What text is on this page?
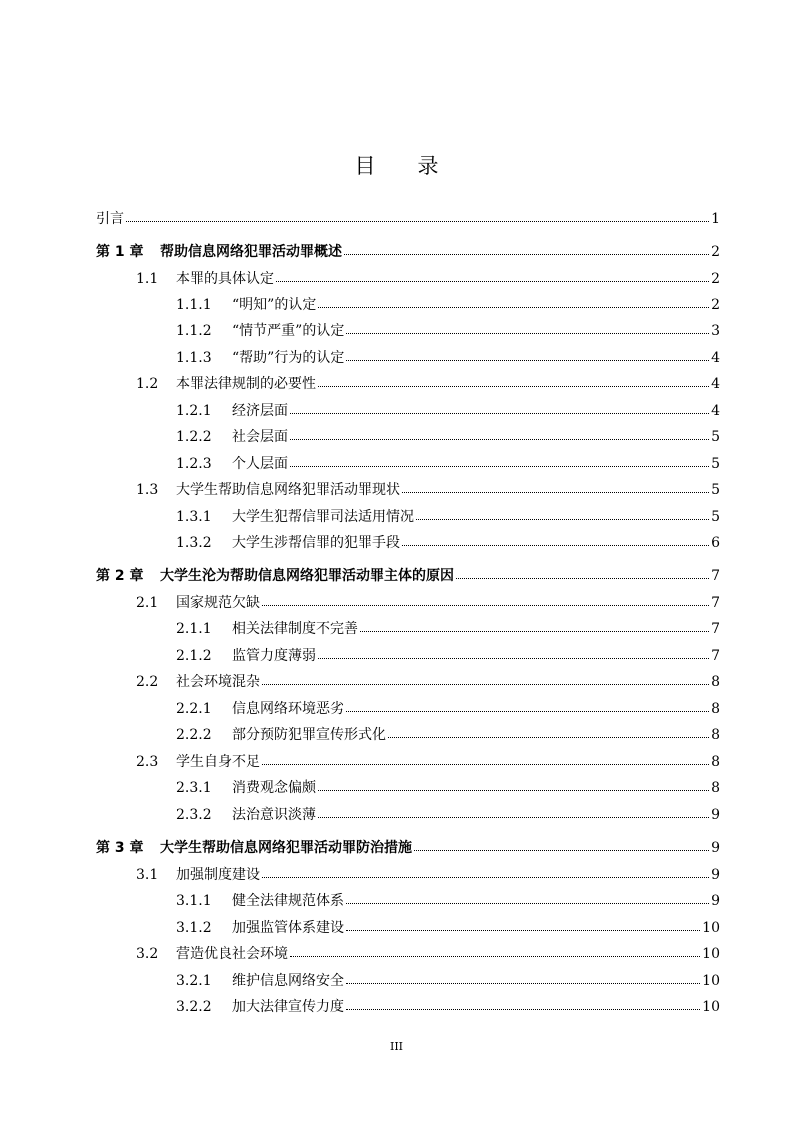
目 录
引言	1
第 1 章	帮助信息网络犯罪活动罪概述	2
1.1	本罪的具体认定	2
1.1.1	“明知”的认定	2
1.1.2	“情节严重”的认定	3
1.1.3	“帮助”行为的认定	4
1.2	本罪法律规制的必要性	4
1.2.1	经济层面	4
1.2.2	社会层面	5
1.2.3	个人层面	5
1.3	大学生帮助信息网络犯罪活动罪现状	5
1.3.1	大学生犯帮信罪司法适用情况	5
1.3.2	大学生涉帮信罪的犯罪手段	6
第 2 章	大学生沦为帮助信息网络犯罪活动罪主体的原因	7
2.1	国家规范欠缺	7
2.1.1	相关法律制度不完善	7
2.1.2	监管力度薄弱	7
2.2	社会环境混杂	8
2.2.1	信息网络环境恶劣	8
2.2.2	部分预防犯罪宣传形式化	8
2.3	学生自身不足	8
2.3.1	消费观念偏颇	8
2.3.2	法治意识淡薄	9
第 3 章	大学生帮助信息网络犯罪活动罪防治措施	9
3.1	加强制度建设	9
3.1.1	健全法律规范体系	9
3.1.2	加强监管体系建设	10
3.2	营造优良社会环境	10
3.2.1	维护信息网络安全	10
3.2.2	加大法律宣传力度	10
III
